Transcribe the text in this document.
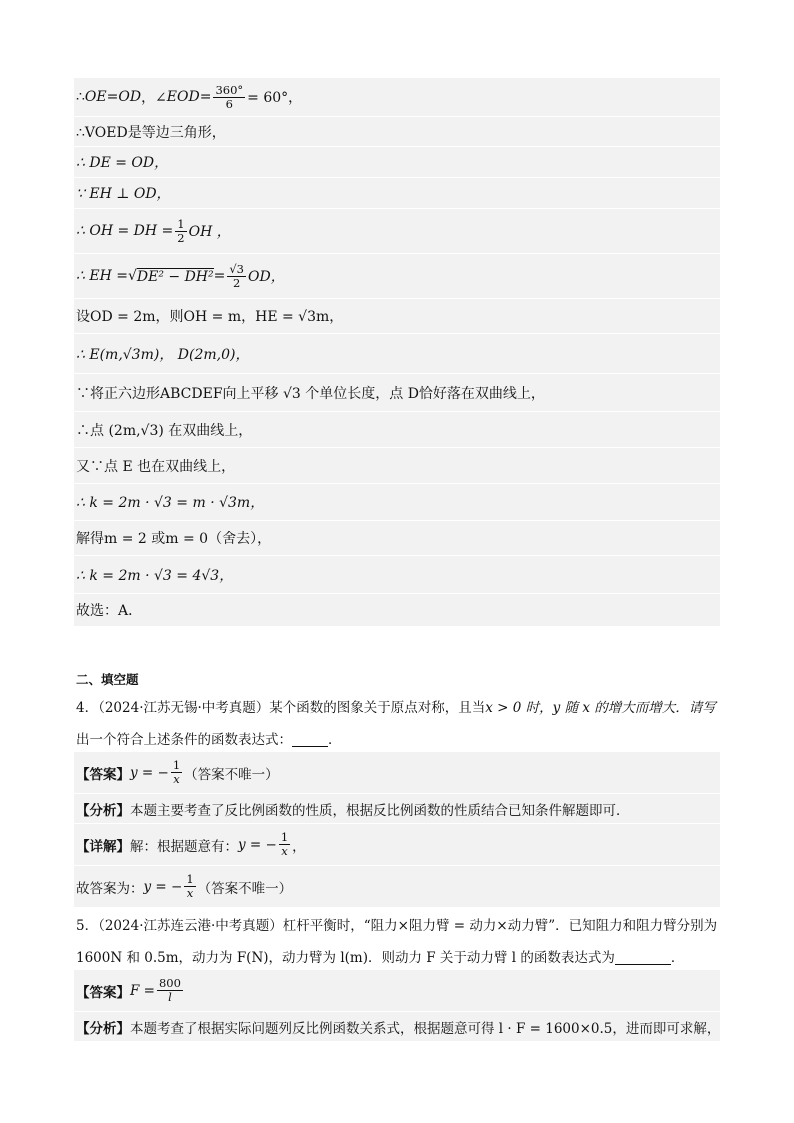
∴ OE = OD ，∠ EOD = $\frac{360^\circ}{6} = 60^\circ$，
∴VOED是等边三角形，
∴ DE = OD，
∵ EH ⊥ OD，
∴ OH = DH = $\frac{1}{2}$ OH ，
∴ EH = √ $DE^2 - DH^2 = \frac{√3}{2}$ OD，
设OD = 2m，则OH = m，HE = √3m，
∴ E(m,√3m)， D(2m,0)，
∵将正六边形ABCDEF向上平移 √3 个单位长度，点 D恰好落在双曲线上，
∴点 (2m,√3) 在双曲线上，
又∵点 E 也在双曲线上，
∴ k = 2m · √3 = m · √3m，
解得m = 2 或m = 0（舍去），
∴ k = 2m · √3 = 4√3，
故选：A．
二、填空题
4．（2024·江苏无锡·中考真题）某个函数的图象关于原点对称，且当 x > 0 时， y 随 x 的增大而增大．请写
出一个符合上述条件的函数表达式：	．
【答案】 y = − $\frac{1}{x}$ （答案不唯一）
【分析】 本题主要考查了反比例函数的性质，根据反比例函数的性质结合已知条件解题即可．
【详解】 解：根据题意有： y = − $\frac{1}{x}$ ，
故答案为： y = − $\frac{1}{x}$ （答案不唯一）
5．（2024·江苏连云港·中考真题）杠杆平衡时，“阻力×阻力臂 = 动力×动力臂”．已知阻力和阻力臂分别为
1600N 和 0.5m，动力为 F(N)，动力臂为 l(m)．则动力 F 关于动力臂 l 的函数表达式为	．
【答案】 $F = \frac{800}{l}$
【分析】 本题考查了根据实际问题列反比例函数关系式，根据题意可得 l · F = 1600×0.5，进而即可求解，
